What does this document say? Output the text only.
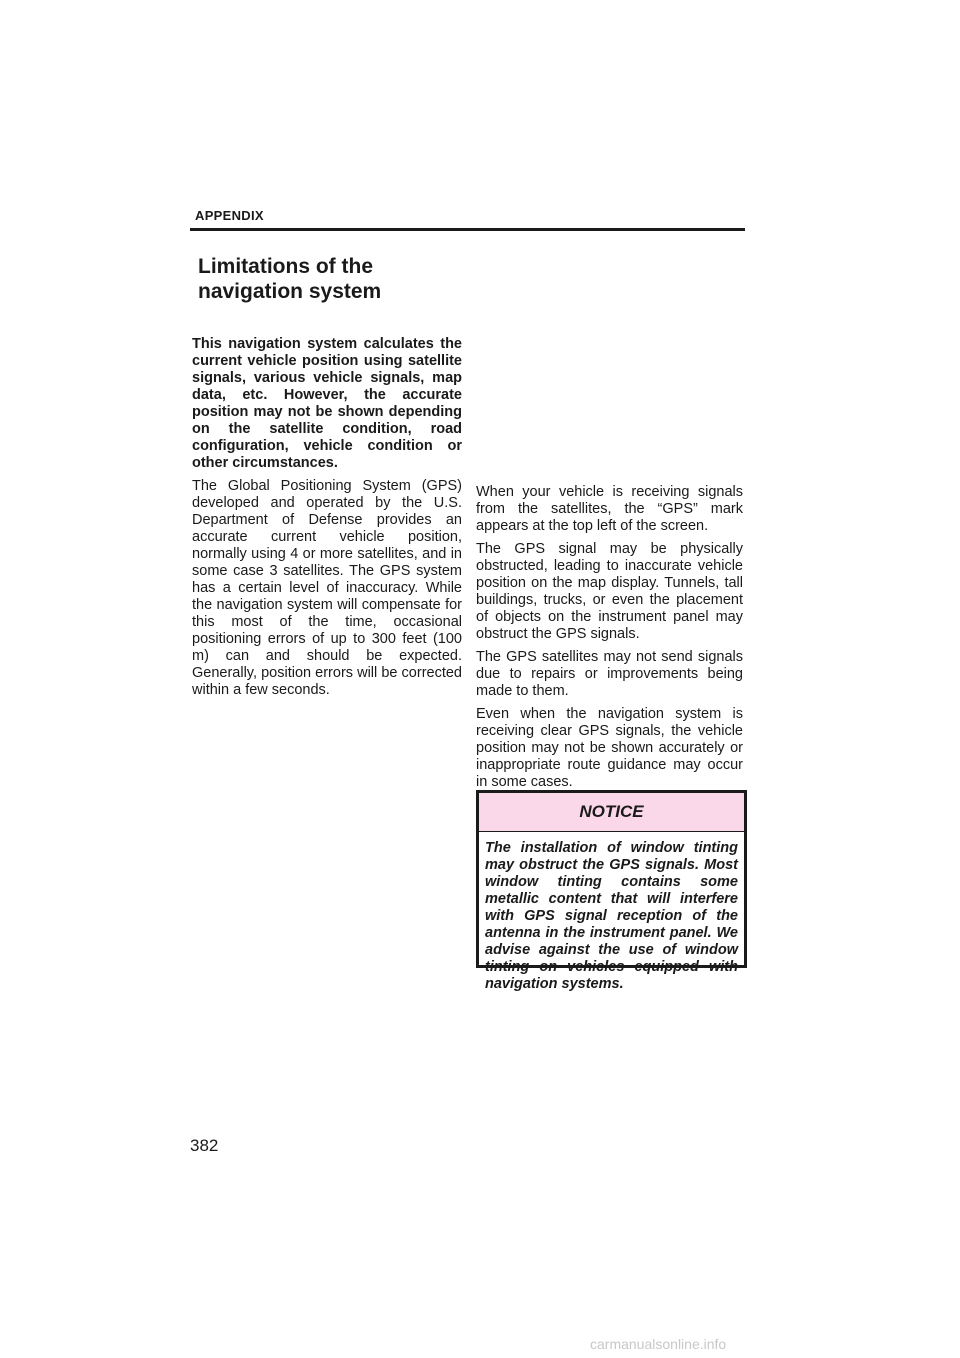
APPENDIX
Limitations of the
navigation system

This navigation system calculates the current vehicle position using satellite signals, various vehicle signals, map data, etc. However, the accurate position may not be shown depending on the satellite condition, road configuration, vehicle condition or other circumstances.

The Global Positioning System (GPS) developed and operated by the U.S. Department of Defense provides an accurate current vehicle position, normally using 4 or more satellites, and in some case 3 satellites. The GPS system has a certain level of inaccuracy. While the navigation system will compensate for this most of the time, occasional positioning errors of up to 300 feet (100 m) can and should be expected. Generally, position errors will be corrected within a few seconds.

When your vehicle is receiving signals from the satellites, the “GPS” mark appears at the top left of the screen.

The GPS signal may be physically obstructed, leading to inaccurate vehicle position on the map display. Tunnels, tall buildings, trucks, or even the placement of objects on the instrument panel may obstruct the GPS signals.

The GPS satellites may not send signals due to repairs or improvements being made to them.

Even when the navigation system is receiving clear GPS signals, the vehicle position may not be shown accurately or inappropriate route guidance may occur in some cases.

NOTICE

The installation of window tinting may obstruct the GPS signals. Most window tinting contains some metallic content that will interfere with GPS signal reception of the antenna in the instrument panel. We advise against the use of window tinting on vehicles equipped with navigation systems.

382
carmanualsonline.info
